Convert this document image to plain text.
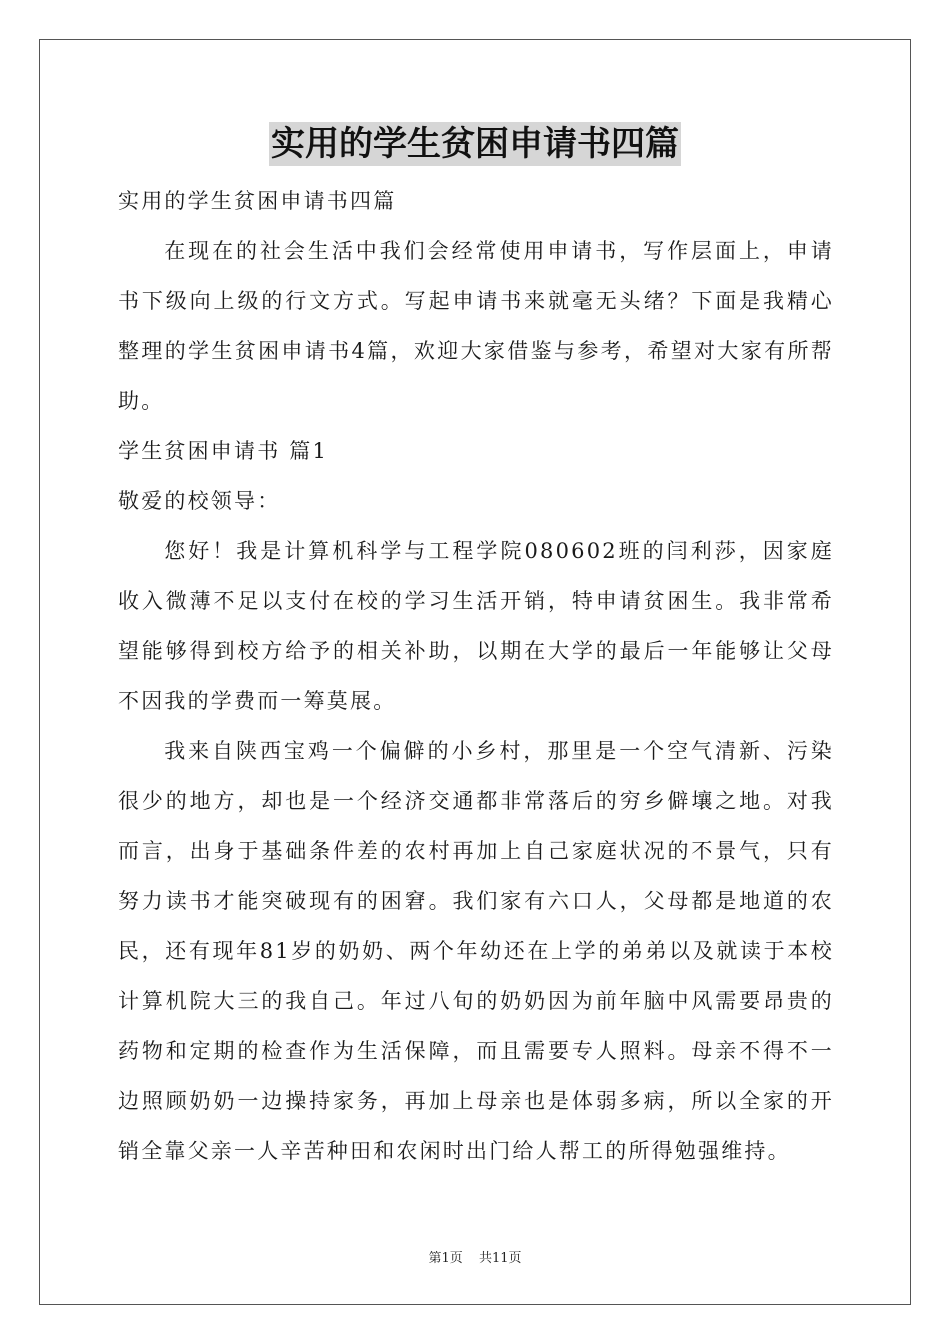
实用的学生贫困申请书四篇

实用的学生贫困申请书四篇

在现在的社会生活中我们会经常使用申请书，写作层面上，申请书下级向上级的行文方式。写起申请书来就毫无头绪？下面是我精心整理的学生贫困申请书4篇，欢迎大家借鉴与参考，希望对大家有所帮助。

学生贫困申请书 篇1

敬爱的校领导：

您好！我是计算机科学与工程学院080602班的闫利莎，因家庭收入微薄不足以支付在校的学习生活开销，特申请贫困生。我非常希望能够得到校方给予的相关补助，以期在大学的最后一年能够让父母不因我的学费而一筹莫展。

我来自陕西宝鸡一个偏僻的小乡村，那里是一个空气清新、污染很少的地方，却也是一个经济交通都非常落后的穷乡僻壤之地。对我而言，出身于基础条件差的农村再加上自己家庭状况的不景气，只有努力读书才能突破现有的困窘。我们家有六口人，父母都是地道的农民，还有现年81岁的奶奶、两个年幼还在上学的弟弟以及就读于本校计算机院大三的我自己。年过八旬的奶奶因为前年脑中风需要昂贵的药物和定期的检查作为生活保障，而且需要专人照料。母亲不得不一边照顾奶奶一边操持家务，再加上母亲也是体弱多病，所以全家的开销全靠父亲一人辛苦种田和农闲时出门给人帮工的所得勉强维持。

第1页 共11页
